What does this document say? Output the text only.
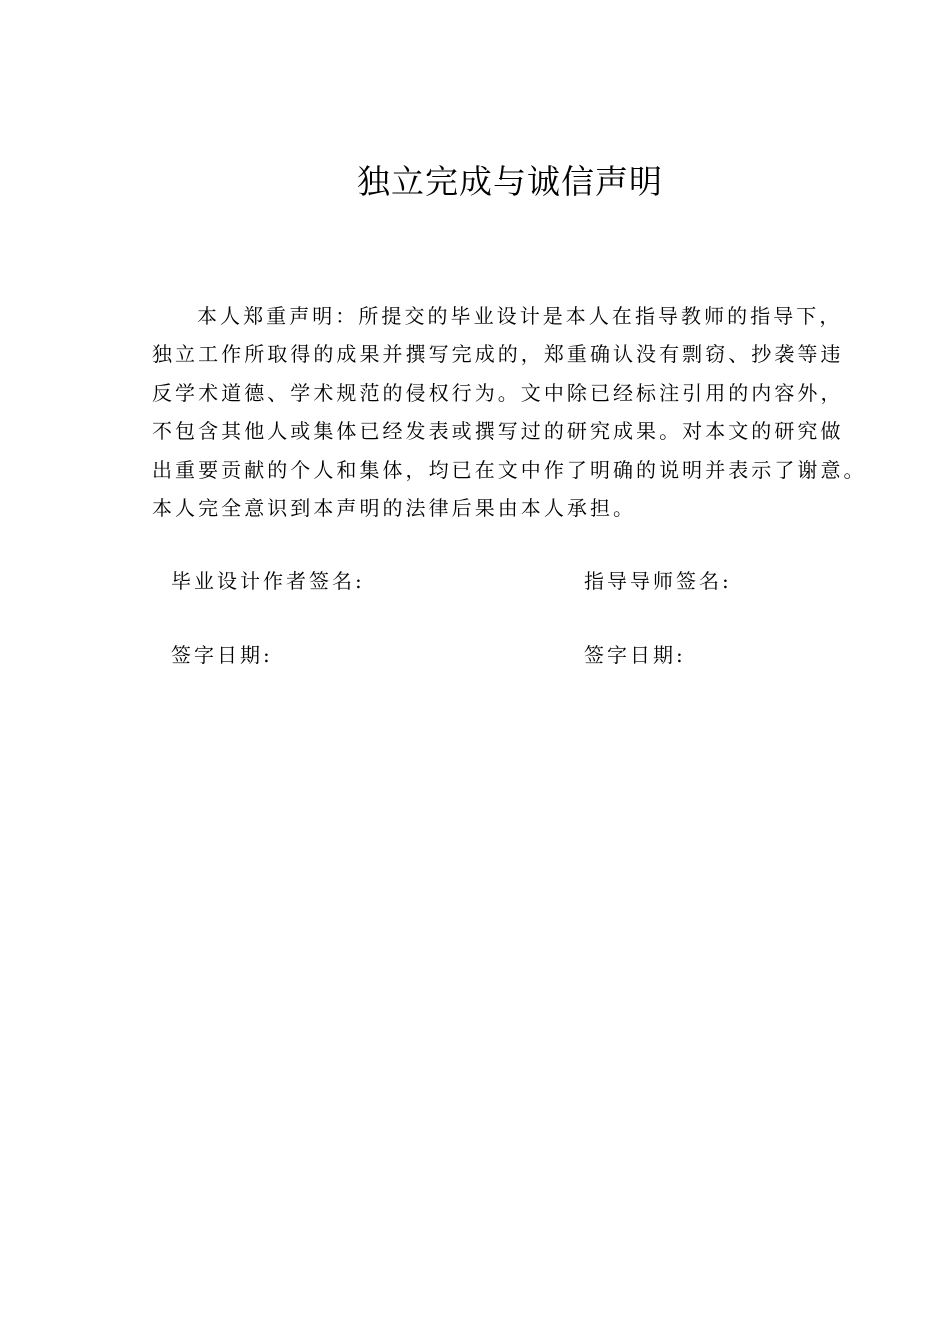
独立完成与诚信声明
本人郑重声明：所提交的毕业设计是本人在指导教师的指导下，
独立工作所取得的成果并撰写完成的，郑重确认没有剽窃、抄袭等违
反学术道德、学术规范的侵权行为。文中除已经标注引用的内容外，
不包含其他人或集体已经发表或撰写过的研究成果。对本文的研究做
出重要贡献的个人和集体，均已在文中作了明确的说明并表示了谢意。
本人完全意识到本声明的法律后果由本人承担。
毕业设计作者签名:	指导导师签名:
签字日期:	签字日期:
